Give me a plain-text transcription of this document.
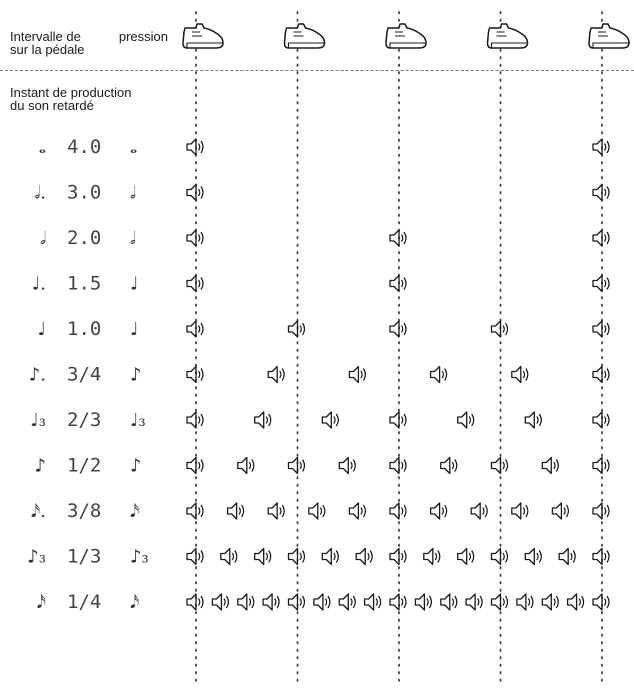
Intervalle de	pression
sur la pédale
Instant de production
du son retardé
𝅝 4.0 𝅝
𝅗𝅥. 3.0 𝅗𝅥
𝅗𝅥 2.0 𝅗𝅥
♩. 1.5 ♩
♩ 1.0 ♩
♪. 3/4 ♪
♩₃ 2/3 ♩₃
♪ 1/2 ♪
𝅘𝅥𝅯. 3/8 𝅘𝅥𝅯
♪₃ 1/3 ♪₃
𝅘𝅥𝅯 1/4 𝅘𝅥𝅯
